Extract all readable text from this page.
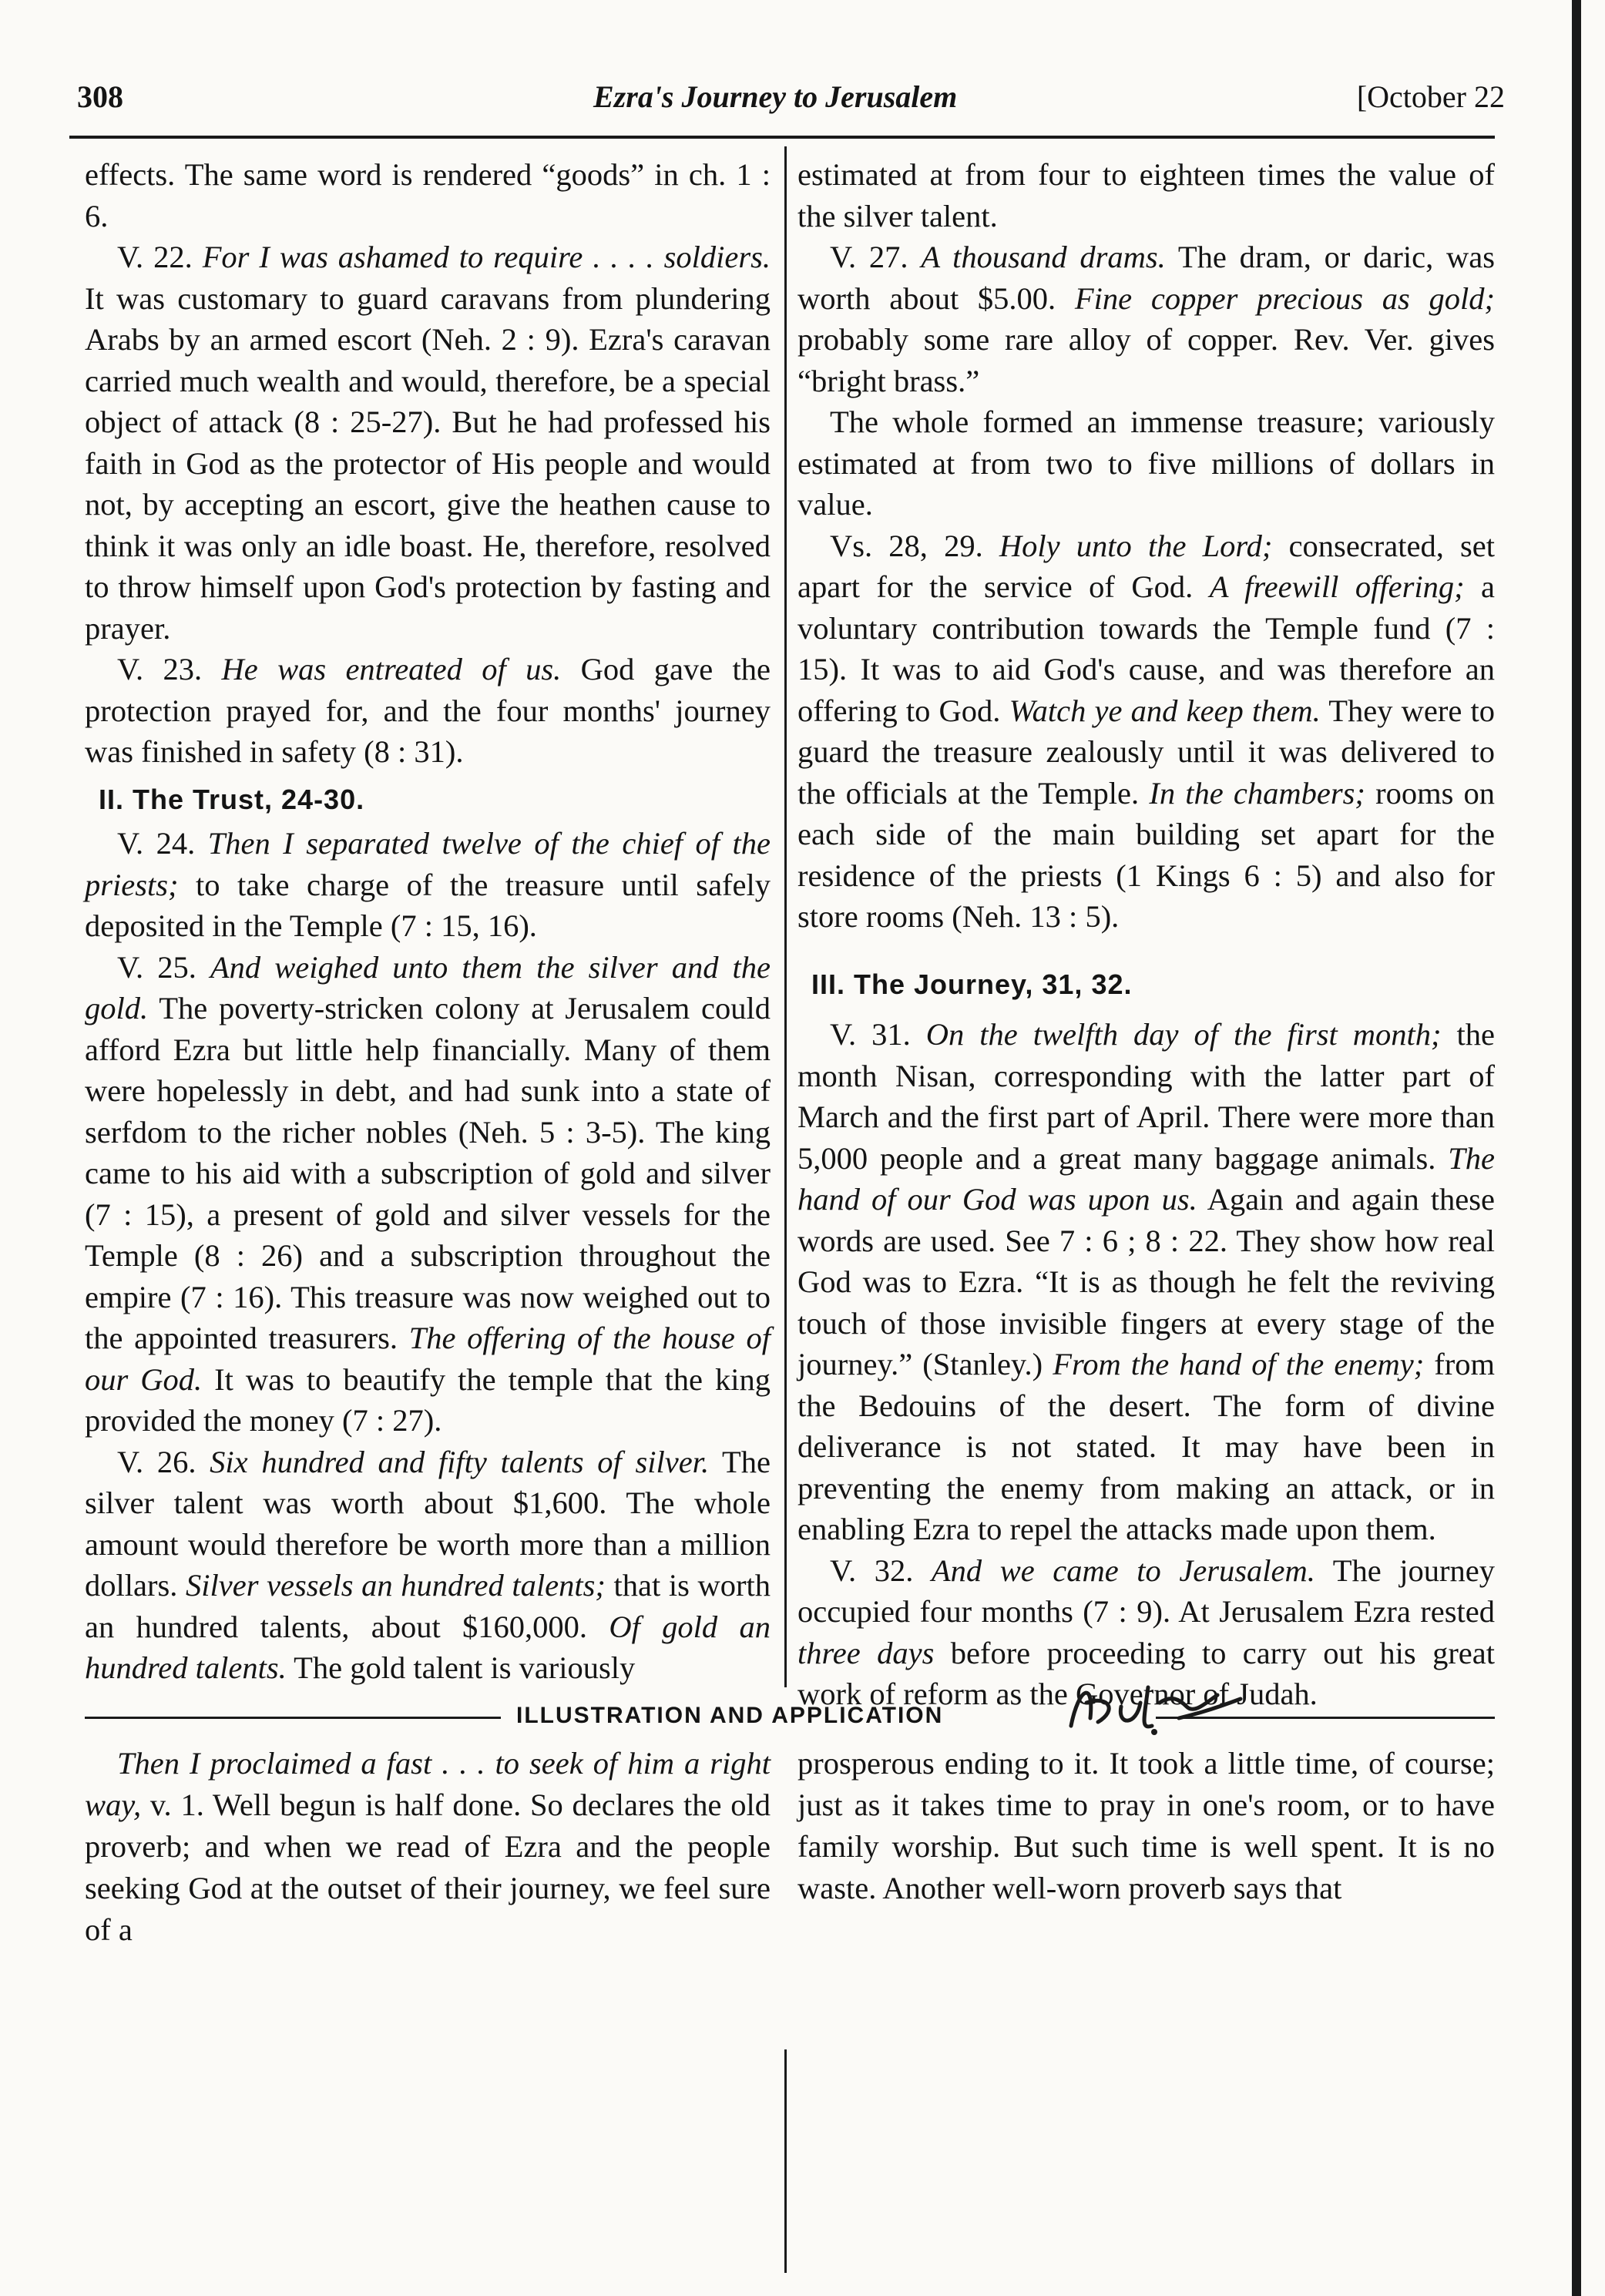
308	Ezra's Journey to Jerusalem	[October 22

effects. The same word is rendered “goods” in ch. 1 : 6.

V. 22. For I was ashamed to require . . . . soldiers. It was customary to guard caravans from plundering Arabs by an armed escort (Neh. 2 : 9). Ezra's caravan carried much wealth and would, therefore, be a special object of attack (8 : 25-27). But he had professed his faith in God as the protector of His people and would not, by accepting an escort, give the heathen cause to think it was only an idle boast. He, therefore, resolved to throw himself upon God's protection by fasting and prayer.

V. 23. He was entreated of us. God gave the protection prayed for, and the four months' journey was finished in safety (8 : 31).

II. The Trust, 24-30.

V. 24. Then I separated twelve of the chief of the priests; to take charge of the treasure until safely deposited in the Temple (7 : 15, 16).

V. 25. And weighed unto them the silver and the gold. The poverty-stricken colony at Jerusalem could afford Ezra but little help financially. Many of them were hopelessly in debt, and had sunk into a state of serfdom to the richer nobles (Neh. 5 : 3-5). The king came to his aid with a subscription of gold and silver (7 : 15), a present of gold and silver vessels for the Temple (8 : 26) and a subscription throughout the empire (7 : 16). This treasure was now weighed out to the appointed treasurers. The offering of the house of our God. It was to beautify the temple that the king provided the money (7 : 27).

V. 26. Six hundred and fifty talents of silver. The silver talent was worth about $1,600. The whole amount would therefore be worth more than a million dollars. Silver vessels an hundred talents; that is worth an hundred talents, about $160,000. Of gold an hundred talents. The gold talent is variously

estimated at from four to eighteen times the value of the silver talent.

V. 27. A thousand drams. The dram, or daric, was worth about $5.00. Fine copper precious as gold; probably some rare alloy of copper. Rev. Ver. gives “bright brass.”

The whole formed an immense treasure; variously estimated at from two to five millions of dollars in value.

Vs. 28, 29. Holy unto the Lord; consecrated, set apart for the service of God. A freewill offering; a voluntary contribution towards the Temple fund (7 : 15). It was to aid God's cause, and was therefore an offering to God. Watch ye and keep them. They were to guard the treasure zealously until it was delivered to the officials at the Temple. In the chambers; rooms on each side of the main building set apart for the residence of the priests (1 Kings 6 : 5) and also for store rooms (Neh. 13 : 5).

III. The Journey, 31, 32.

V. 31. On the twelfth day of the first month; the month Nisan, corresponding with the latter part of March and the first part of April. There were more than 5,000 people and a great many baggage animals. The hand of our God was upon us. Again and again these words are used. See 7 : 6 ; 8 : 22. They show how real God was to Ezra. “It is as though he felt the reviving touch of those invisible fingers at every stage of the journey.” (Stanley.) From the hand of the enemy; from the Bedouins of the desert. The form of divine deliverance is not stated. It may have been in preventing the enemy from making an attack, or in enabling Ezra to repel the attacks made upon them.

V. 32. And we came to Jerusalem. The journey occupied four months (7 : 9). At Jerusalem Ezra rested three days before proceeding to carry out his great work of reform as the Governor of Judah.

ILLUSTRATION AND APPLICATION

Then I proclaimed a fast . . . to seek of him a right way, v. 1. Well begun is half done. So declares the old proverb; and when we read of Ezra and the people seeking God at the outset of their journey, we feel sure of a

prosperous ending to it. It took a little time, of course; just as it takes time to pray in one's room, or to have family worship. But such time is well spent. It is no waste. Another well-worn proverb says that
